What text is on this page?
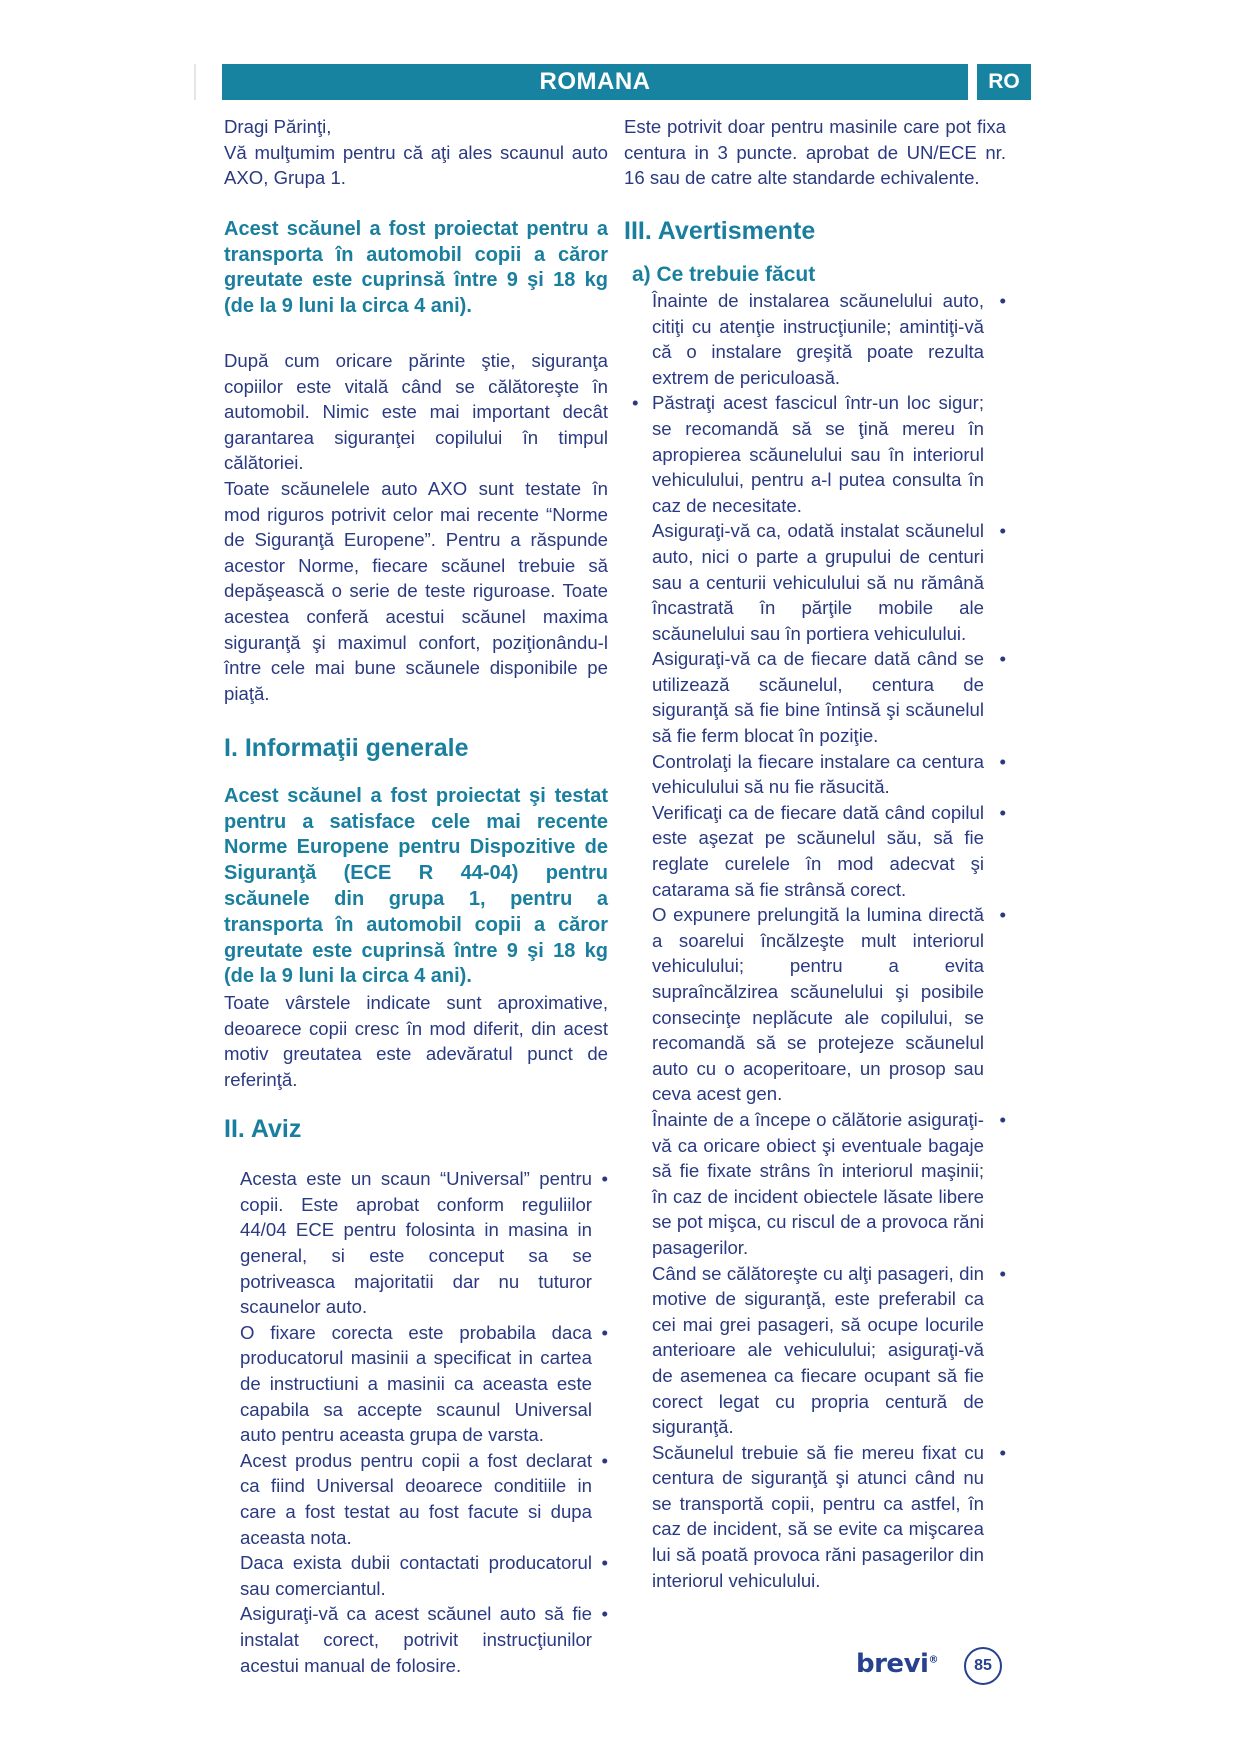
ROMANA	RO

Dragi Părinţi,
Vă mulţumim pentru că aţi ales scaunul auto AXO, Grupa 1.

Acest scăunel a fost proiectat pentru a transporta în automobil copii a căror greutate este cuprinsă între 9 şi 18 kg (de la 9 luni la circa 4 ani).

După cum oricare părinte ştie, siguranţa copiilor este vitală când se călătoreşte în automobil. Nimic este mai important decât garantarea siguranţei copilului în timpul călătoriei.

Toate scăunelele auto AXO sunt testate în mod riguros potrivit celor mai recente “Norme de Siguranţă Europene”. Pentru a răspunde acestor Norme, fiecare scăunel trebuie să depăşească o serie de teste riguroase. Toate acestea conferă acestui scăunel maxima siguranţă şi maximul confort, poziţionându-l între cele mai bune scăunele disponibile pe piaţă.

I. Informaţii generale

Acest scăunel a fost proiectat şi testat pentru a satisface cele mai recente Norme Europene pentru Dispozitive de Siguranţă (ECE R 44-04) pentru scăunele din grupa 1, pentru a transporta în automobil copii a căror greutate este cuprinsă între 9 şi 18 kg (de la 9 luni la circa 4 ani).

Toate vârstele indicate sunt aproximative, deoarece copii cresc în mod diferit, din acest motiv greutatea este adevăratul punct de referinţă.

II. Aviz
Acesta este un scaun “Universal” pentru copii. Este aprobat conform reguliilor 44/04 ECE pentru folosinta in masina in general, si este conceput sa se potriveasca majoritatii dar nu tuturor scaunelor auto.
•
O fixare corecta este probabila daca producatorul masinii a specificat in cartea de instructiuni a masinii ca aceasta este capabila sa accepte scaunul Universal auto pentru aceasta grupa de varsta.
•
Acest produs pentru copii a fost declarat ca fiind Universal deoarece conditiile in care a fost testat au fost facute si dupa aceasta nota.
•
Daca exista dubii contactati producatorul sau comerciantul.
•
Asiguraţi-vă ca acest scăunel auto să fie instalat corect, potrivit instrucţiunilor acestui manual de folosire.
•

Este potrivit doar pentru masinile care pot fixa centura in 3 puncte. aprobat de UN/ECE nr. 16 sau de catre alte standarde echivalente.

III. Avertismente
a) Ce trebuie făcut
Înainte de instalarea scăunelului auto, citiţi cu atenţie instrucţiunile; amintiţi-vă că o instalare greşită poate rezulta extrem de periculoasă.
•
Păstraţi acest fascicul într-un loc sigur; se recomandă să se ţină mereu în apropierea scăunelului sau în interiorul vehiculului, pentru a-l putea consulta în caz de necesitate.
•
Asiguraţi-vă ca, odată instalat scăunelul auto, nici o parte a grupului de centuri sau a centurii vehiculului să nu rămână încastrată în părţile mobile ale scăunelului sau în portiera vehiculului.
•
Asiguraţi-vă ca de fiecare dată când se utilizează scăunelul, centura de siguranţă să fie bine întinsă şi scăunelul să fie ferm blocat în poziţie.
•
Controlaţi la fiecare instalare ca centura vehiculului să nu fie răsucită.
•
Verificaţi ca de fiecare dată când copilul este aşezat pe scăunelul său, să fie reglate curelele în mod adecvat şi catarama să fie strânsă corect.
•
O expunere prelungită la lumina directă a soarelui încălzeşte mult interiorul vehiculului; pentru a evita supraîncălzirea scăunelului şi posibile consecinţe neplăcute ale copilului, se recomandă să se protejeze scăunelul auto cu o acoperitoare, un prosop sau ceva acest gen.
•
Înainte de a începe o călătorie asiguraţi-vă ca oricare obiect şi eventuale bagaje să fie fixate strâns în interiorul maşinii; în caz de incident obiectele lăsate libere se pot mişca, cu riscul de a provoca răni pasagerilor.
•
Când se călătoreşte cu alţi pasageri, din motive de siguranţă, este preferabil ca cei mai grei pasageri, să ocupe locurile anterioare ale vehiculului; asiguraţi-vă de asemenea ca fiecare ocupant să fie corect legat cu propria centură de siguranţă.
•
Scăunelul trebuie să fie mereu fixat cu centura de siguranţă şi atunci când nu se transportă copii, pentru ca astfel, în caz de incident, să se evite ca mişcarea lui să poată provoca răni pasagerilor din interiorul vehiculului.
•
brevi® 85
